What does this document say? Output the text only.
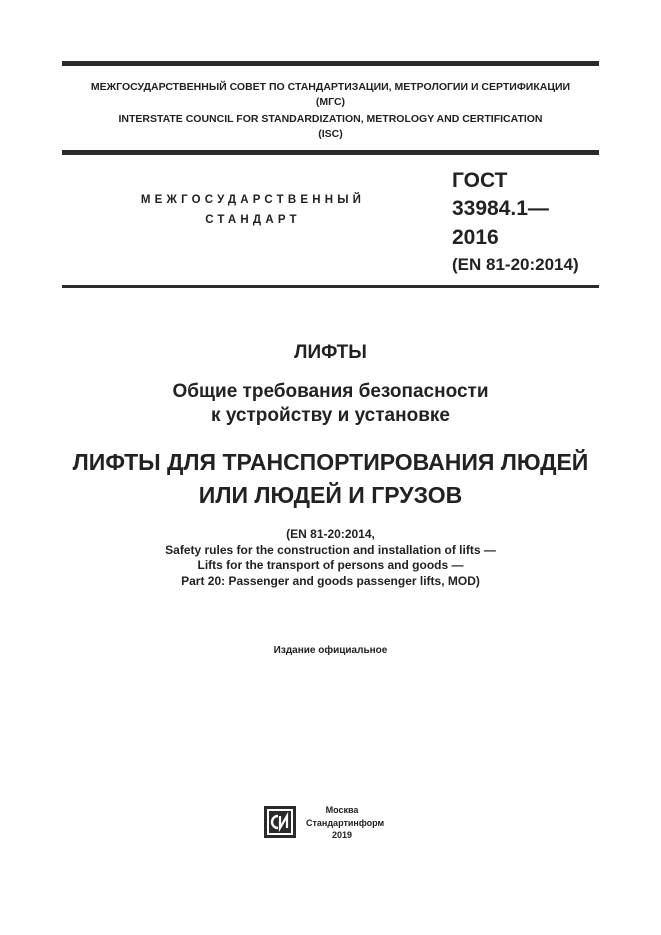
МЕЖГОСУДАРСТВЕННЫЙ СОВЕТ ПО СТАНДАРТИЗАЦИИ, МЕТРОЛОГИИ И СЕРТИФИКАЦИИ
(МГС)
INTERSTATE COUNCIL FOR STANDARDIZATION, METROLOGY AND CERTIFICATION
(ISC)
МЕЖГОСУДАРСТВЕННЫЙ
СТАНДАРТ
ГОСТ
33984.1—
2016
(EN 81-20:2014)
ЛИФТЫ
Общие требования безопасности
к устройству и установке
ЛИФТЫ ДЛЯ ТРАНСПОРТИРОВАНИЯ ЛЮДЕЙ
ИЛИ ЛЮДЕЙ И ГРУЗОВ
(EN 81-20:2014,
Safety rules for the construction and installation of lifts —
Lifts for the transport of persons and goods —
Part 20: Passenger and goods passenger lifts, MOD)
Издание официальное
Москва
Стандартинформ
2019
